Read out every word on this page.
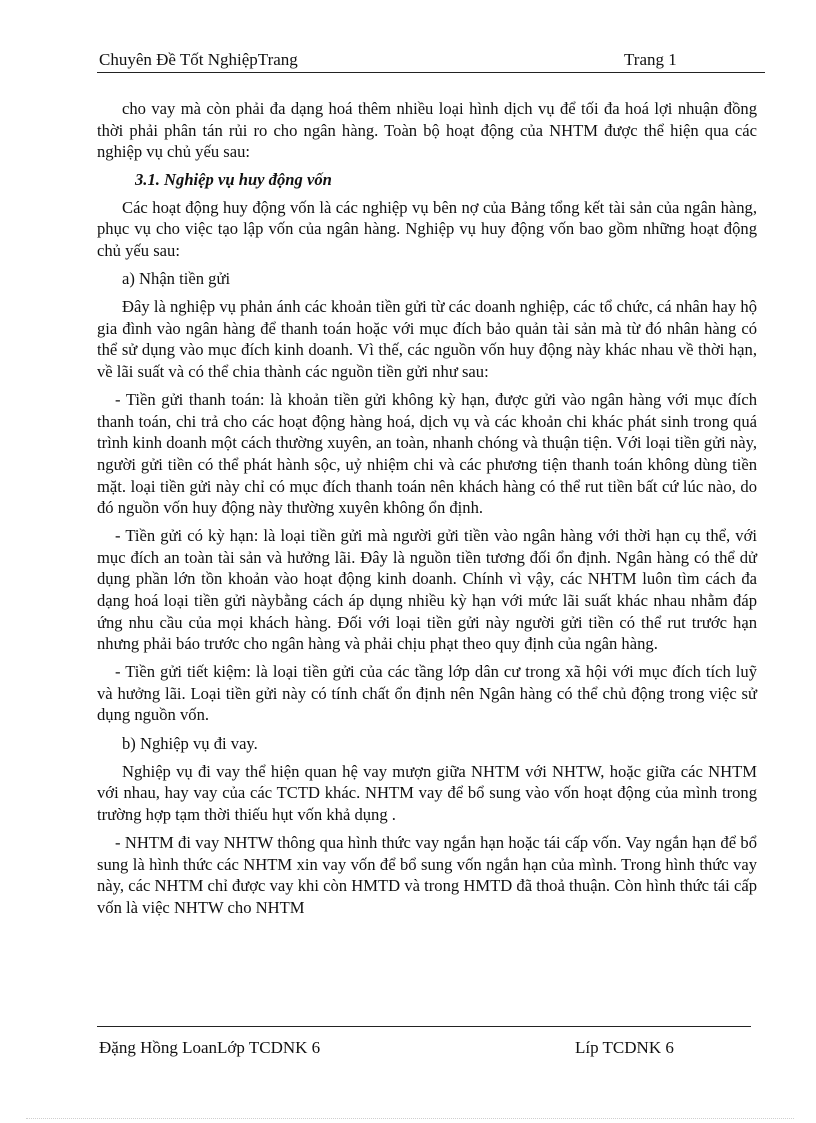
Chuyên Đề Tốt NghiệpTrang	Trang 1

cho vay mà còn phải đa dạng hoá thêm nhiều loại hình dịch vụ để tối đa hoá lợi nhuận đồng thời phải phân tán rủi ro cho ngân hàng. Toàn bộ hoạt động của NHTM được thể hiện qua các nghiệp vụ chủ yếu sau:

3.1. Nghiệp vụ huy động vốn

Các hoạt động huy động vốn là các nghiệp vụ bên nợ của Bảng tổng kết tài sản của ngân hàng, phục vụ cho việc tạo lập vốn của ngân hàng. Nghiệp vụ huy động vốn bao gồm những hoạt động chủ yếu sau:

a) Nhận tiền gửi

Đây là nghiệp vụ phản ánh các khoản tiền gửi từ các doanh nghiệp, các tổ chức, cá nhân hay hộ gia đình vào ngân hàng để thanh toán hoặc với mục đích bảo quản tài sản mà từ đó nhân hàng có thể sử dụng vào mục đích kinh doanh. Vì thế, các nguồn vốn huy động này khác nhau về thời hạn, về lãi suất và có thể chia thành các nguồn tiền gửi như sau:

- Tiền gửi thanh toán: là khoản tiền gửi không kỳ hạn, được gửi vào ngân hàng với mục đích thanh toán, chi trả cho các hoạt động hàng hoá, dịch vụ và các khoản chi khác phát sinh trong quá trình kinh doanh một cách thường xuyên, an toàn, nhanh chóng và thuận tiện. Với loại tiền gửi này, người gửi tiền có thể phát hành sộc, uỷ nhiệm chi và các phương tiện thanh toán không dùng tiền mặt. loại tiền gửi này chỉ có mục đích thanh toán nên khách hàng có thể rut tiền bất cứ lúc nào, do đó nguồn vốn huy động này thường xuyên không ổn định.

- Tiền gửi có kỳ hạn: là loại tiền gửi mà người gửi tiền vào ngân hàng với thời hạn cụ thể, với mục đích an toàn tài sản và hưởng lãi. Đây là nguồn tiền tương đối ổn định. Ngân hàng có thể dử dụng phần lớn tồn khoản vào hoạt động kinh doanh. Chính vì vậy, các NHTM luôn tìm cách đa dạng hoá loại tiền gửi nàybằng cách áp dụng nhiều kỳ hạn với mức lãi suất khác nhau nhằm đáp ứng nhu cầu của mọi khách hàng. Đối với loại tiền gửi này người gửi tiền có thể rut trước hạn nhưng phải báo trước cho ngân hàng và phải chịu phạt theo quy định của ngân hàng.

- Tiền gửi tiết kiệm: là loại tiền gửi của các tầng lớp dân cư trong xã hội với mục đích tích luỹ và hưởng lãi. Loại tiền gửi này có tính chất ổn định nên Ngân hàng có thể chủ động trong việc sử dụng nguồn vốn.

b) Nghiệp vụ đi vay.

Nghiệp vụ đi vay thể hiện quan hệ vay mượn giữa NHTM với NHTW, hoặc giữa các NHTM với nhau, hay vay của các TCTD khác. NHTM vay để bổ sung vào vốn hoạt động của mình trong trường hợp tạm thời thiếu hụt vốn khả dụng .

- NHTM đi vay NHTW thông qua hình thức vay ngắn hạn hoặc tái cấp vốn. Vay ngắn hạn để bổ sung là hình thức các NHTM xin vay vốn để bổ sung vốn ngắn hạn của mình. Trong hình thức vay này, các NHTM chỉ được vay khi còn HMTD và trong HMTD đã thoả thuận. Còn hình thức tái cấp vốn là việc NHTW cho NHTM

Đặng Hồng LoanLớp TCDNK 6	Líp TCDNK 6
